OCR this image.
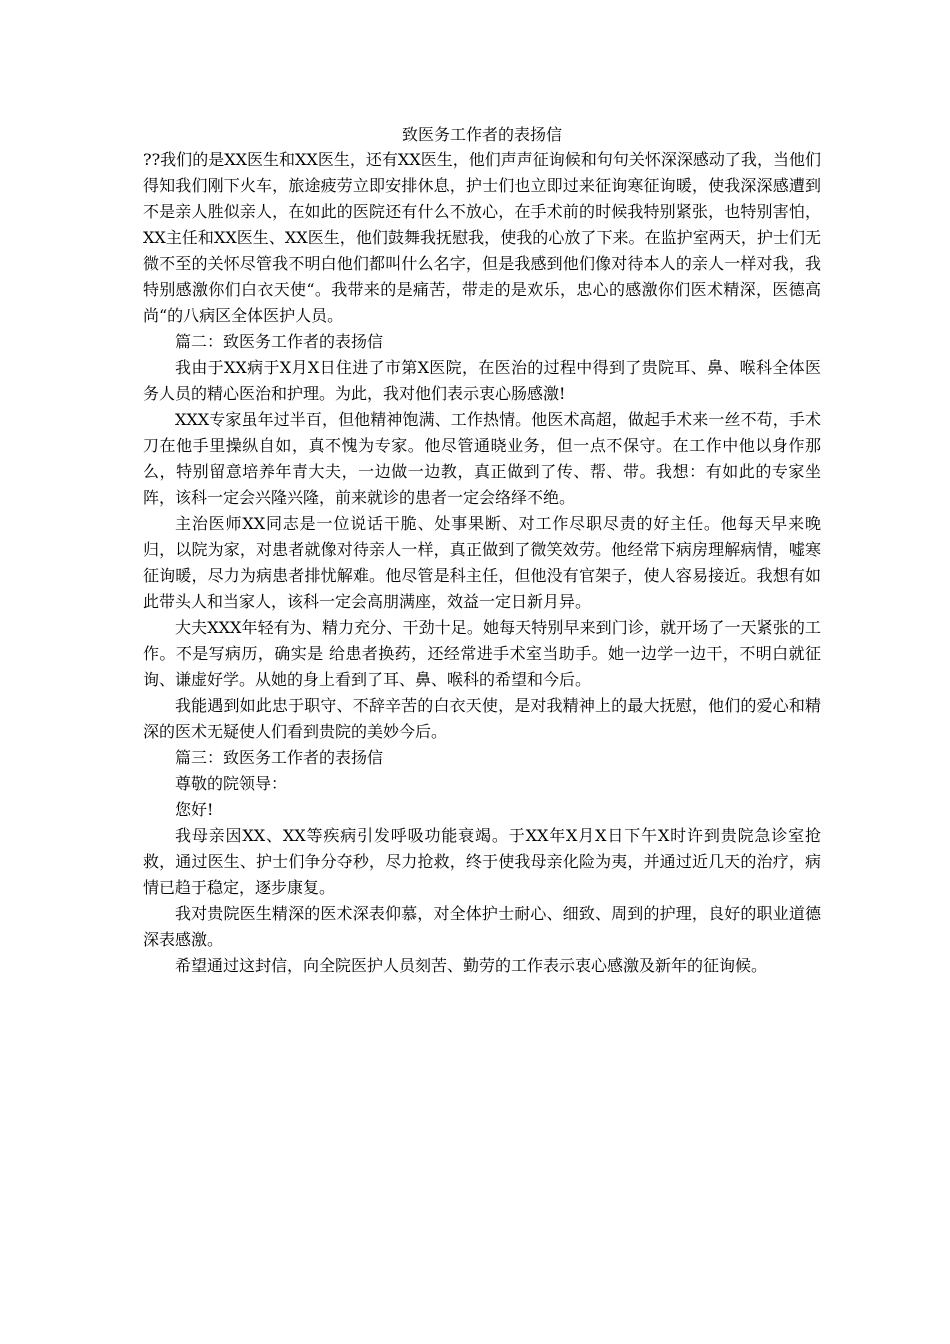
致医务工作者的表扬信

??我们的是XX医生和XX医生，还有XX医生，他们声声征询候和句句关怀深深感动了我，当他们得知我们刚下火车，旅途疲劳立即安排休息，护士们也立即过来征询寒征询暖，使我深深感遭到不是亲人胜似亲人，在如此的医院还有什么不放心，在手术前的时候我特别紧张，也特别害怕，XX主任和XX医生、XX医生，他们鼓舞我抚慰我，使我的心放了下来。在监护室两天，护士们无微不至的关怀尽管我不明白他们都叫什么名字，但是我感到他们像对待本人的亲人一样对我，我特别感激你们白衣天使“。我带来的是痛苦，带走的是欢乐，忠心的感激你们医术精深，医德高尚“的八病区全体医护人员。

篇二：致医务工作者的表扬信

我由于XX病于X月X日住进了市第X医院，在医治的过程中得到了贵院耳、鼻、喉科全体医务人员的精心医治和护理。为此，我对他们表示衷心肠感激!

XXX专家虽年过半百，但他精神饱满、工作热情。他医术高超，做起手术来一丝不苟，手术刀在他手里操纵自如，真不愧为专家。他尽管通晓业务，但一点不保守。在工作中他以身作那么，特别留意培养年青大夫，一边做一边教，真正做到了传、帮、带。我想：有如此的专家坐阵，该科一定会兴隆兴隆，前来就诊的患者一定会络绎不绝。

主治医师XX同志是一位说话干脆、处事果断、对工作尽职尽责的好主任。他每天早来晚归，以院为家，对患者就像对待亲人一样，真正做到了微笑效劳。他经常下病房理解病情，嘘寒征询暖，尽力为病患者排忧解难。他尽管是科主任，但他没有官架子，使人容易接近。我想有如此带头人和当家人，该科一定会高朋满座，效益一定日新月异。

大夫XXX年轻有为、精力充分、干劲十足。她每天特别早来到门诊，就开场了一天紧张的工作。不是写病历，确实是 给患者换药，还经常进手术室当助手。她一边学一边干，不明白就征询、谦虚好学。从她的身上看到了耳、鼻、喉科的希望和今后。

我能遇到如此忠于职守、不辞辛苦的白衣天使，是对我精神上的最大抚慰，他们的爱心和精深的医术无疑使人们看到贵院的美妙今后。

篇三：致医务工作者的表扬信

尊敬的院领导：

您好!

我母亲因XX、XX等疾病引发呼吸功能衰竭。于XX年X月X日下午X时许到贵院急诊室抢救，通过医生、护士们争分夺秒，尽力抢救，终于使我母亲化险为夷，并通过近几天的治疗，病情已趋于稳定，逐步康复。

我对贵院医生精深的医术深表仰慕，对全体护士耐心、细致、周到的护理，良好的职业道德深表感激。

希望通过这封信，向全院医护人员刻苦、勤劳的工作表示衷心感激及新年的征询候。
